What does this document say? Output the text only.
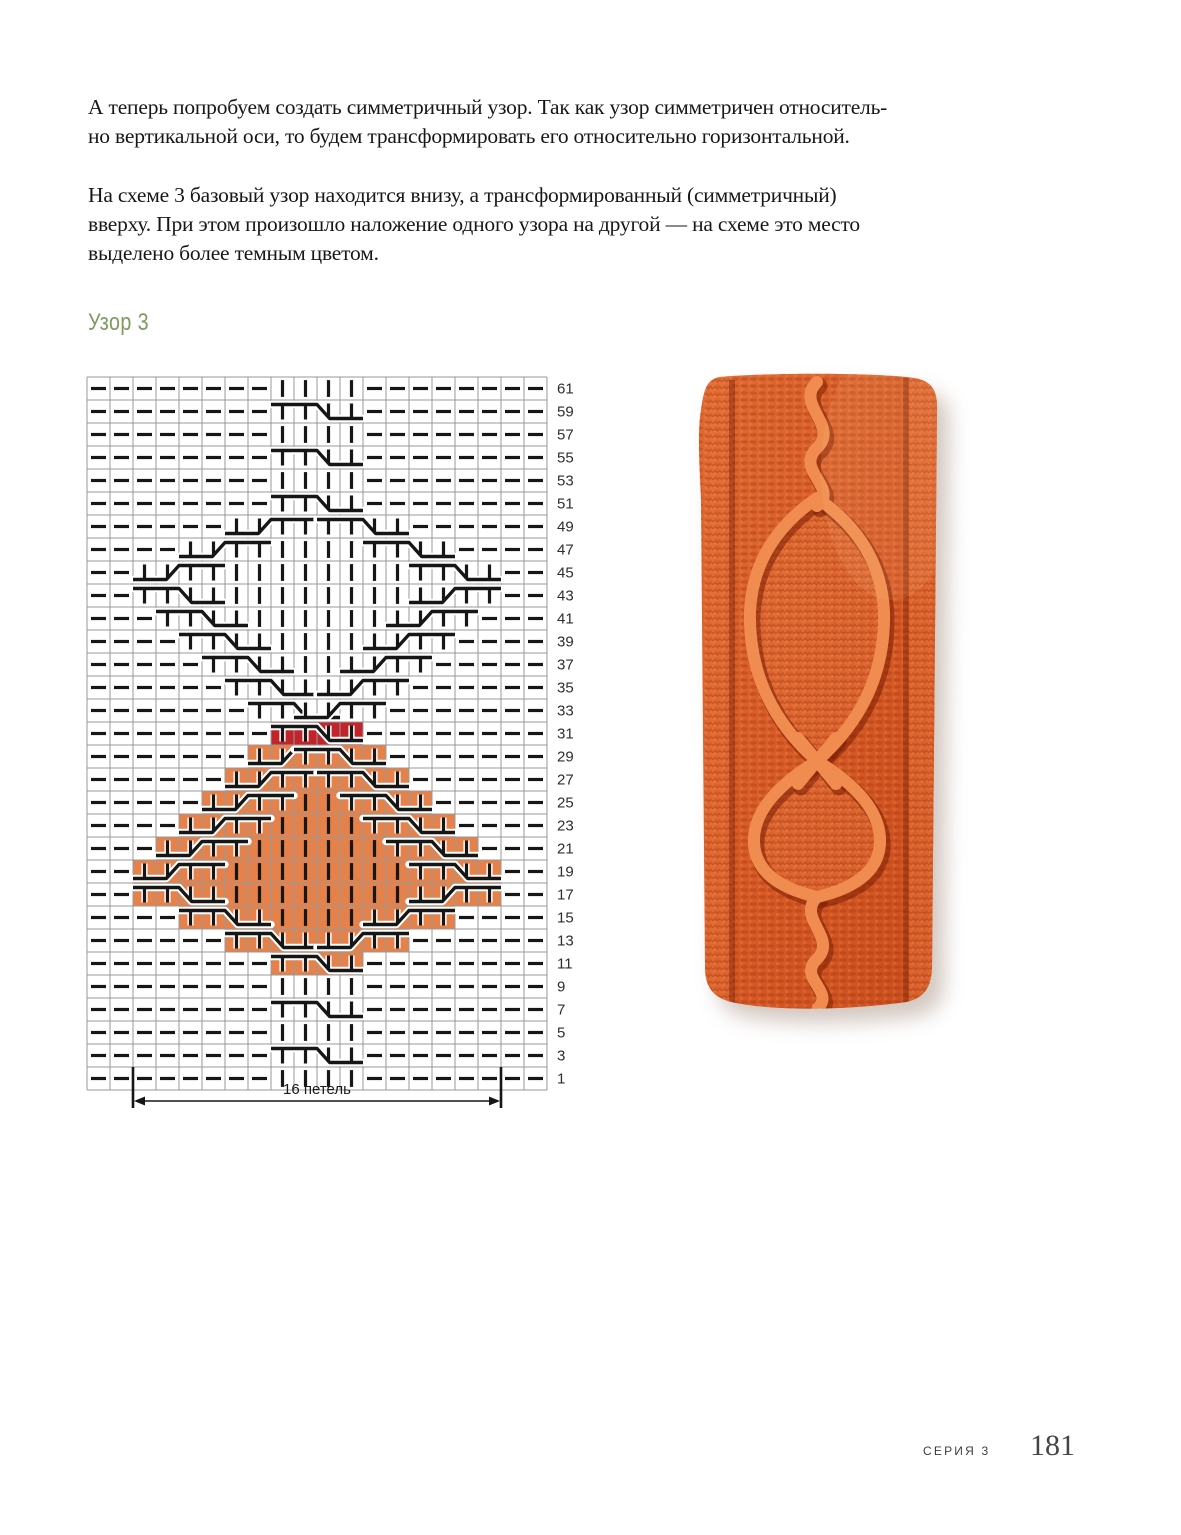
А теперь попробуем создать симметричный узор. Так как узор симметричен относитель-
но вертикальной оси, то будем трансформировать его относительно горизонтальной.
На схеме 3 базовый узор находится внизу, а трансформированный (симметричный)
вверху. При этом произошло наложение одного узора на другой — на схеме это место
выделено более темным цветом.
Узор 3
61
59
57
55
53
51
49
47
45
43
41
39
37
35
33
31
29
27
25
23
21
19
17
15
13
11
9
7
5
3
1
16 петель
СЕРИЯ 3 181
